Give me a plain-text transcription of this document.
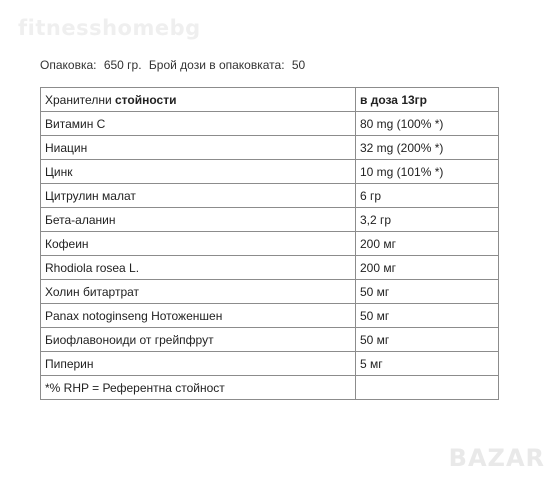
fitnesshomebg
Опаковка: 650 гр. Брой дози в опаковката: 50
Хранителни стойности	в доза 13гр
Витамин C	80 mg (100% *)
Ниацин	32 mg (200% *)
Цинк	10 mg (101% *)
Цитрулин малат	6 гр
Бета-аланин	3,2 гр
Кофеин	200 мг
Rhodiola rosea L.	200 мг
Холин битартрат	50 мг
Panax notoginseng Нотоженшен	50 мг
Биофлавоноиди от грейпфрут	50 мг
Пиперин	5 мг
*% RHP = Референтна стойност	
BAZAR
